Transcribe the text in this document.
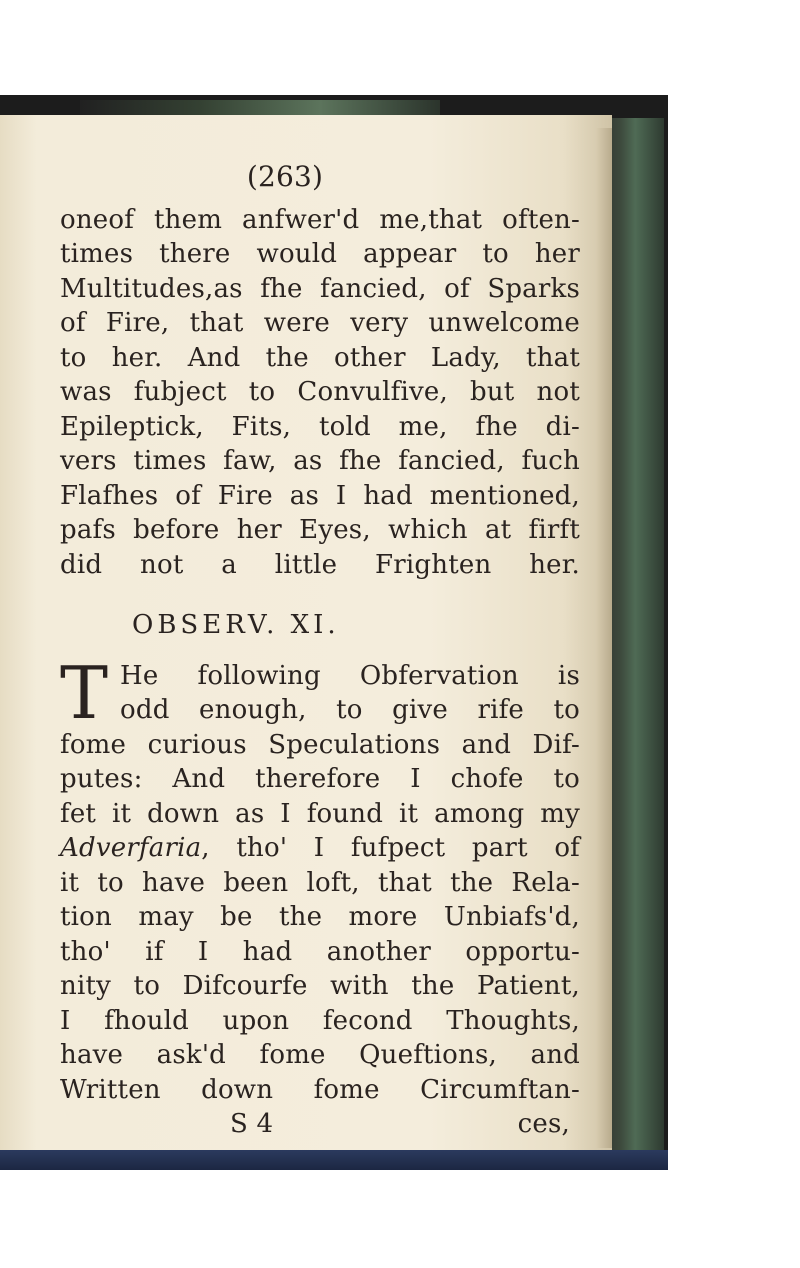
(263)
oneof them anfwer'd me,that often-
times there would appear to her
Multitudes,as fhe fancied, of Sparks
of Fire, that were very unwelcome
to her. And the other Lady, that
was fubject to Convulfive, but not
Epileptick, Fits, told me, fhe di-
vers times faw, as fhe fancied, fuch
Flafhes of Fire as I had mentioned,
pafs before her Eyes, which at firft
did not a little Frighten her.
OBSERV. XI.
T He following Obfervation is
odd enough, to give rife to
fome curious Speculations and Dif-
putes: And therefore I chofe to
fet it down as I found it among my
Adverfaria, tho' I fufpect part of
it to have been loft, that the Rela-
tion may be the more Unbiafs'd,
tho' if I had another opportu-
nity to Difcourfe with the Patient,
I fhould upon fecond Thoughts,
have ask'd fome Queftions, and
Written down fome Circumftan-
S 4	ces,
